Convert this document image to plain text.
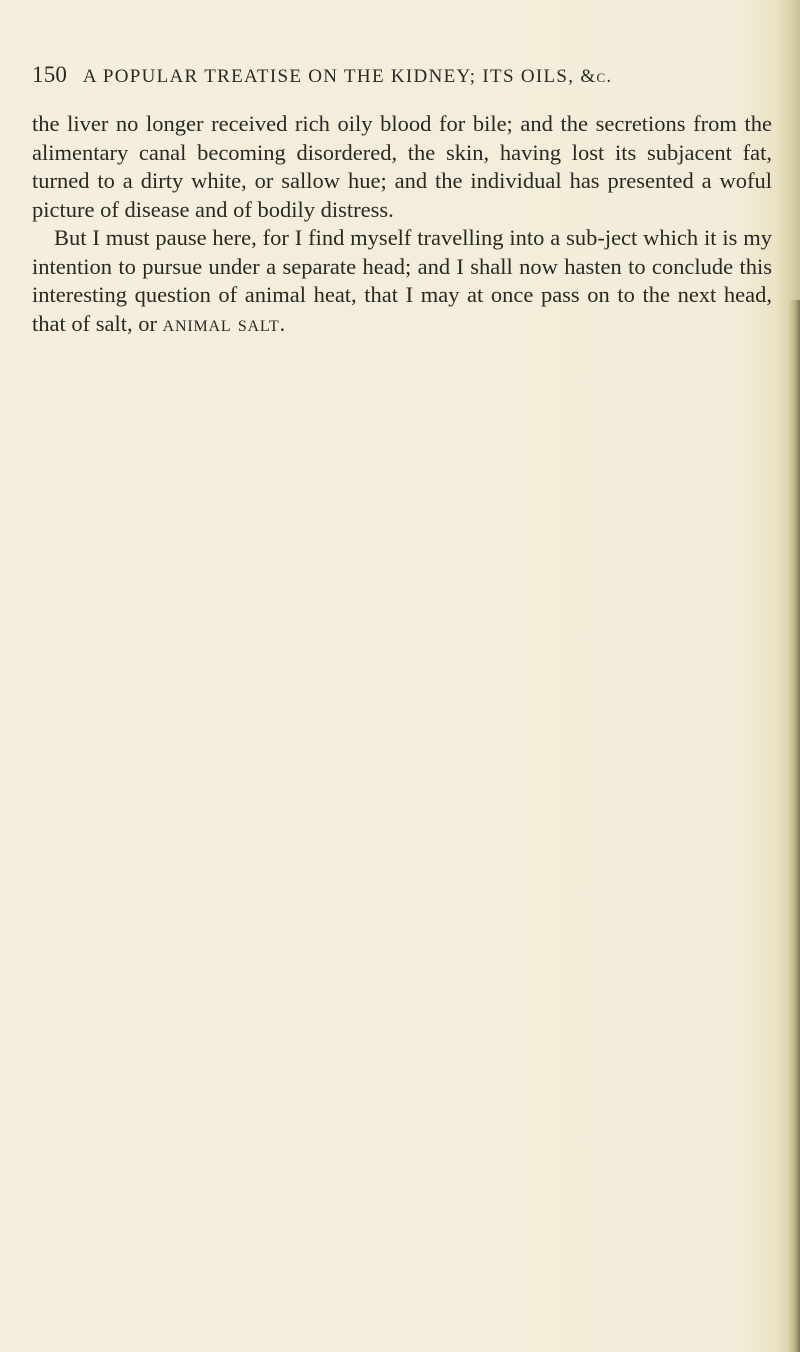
150 A POPULAR TREATISE ON THE KIDNEY; ITS OILS, &c.

the liver no longer received rich oily blood for bile; and the secretions from the alimentary canal becoming disordered, the skin, having lost its subjacent fat, turned to a dirty white, or sallow hue; and the individual has presented a woful picture of disease and of bodily distress.

But I must pause here, for I find myself travelling into a sub-ject which it is my intention to pursue under a separate head; and I shall now hasten to conclude this interesting question of animal heat, that I may at once pass on to the next head, that of salt, or animal salt.
